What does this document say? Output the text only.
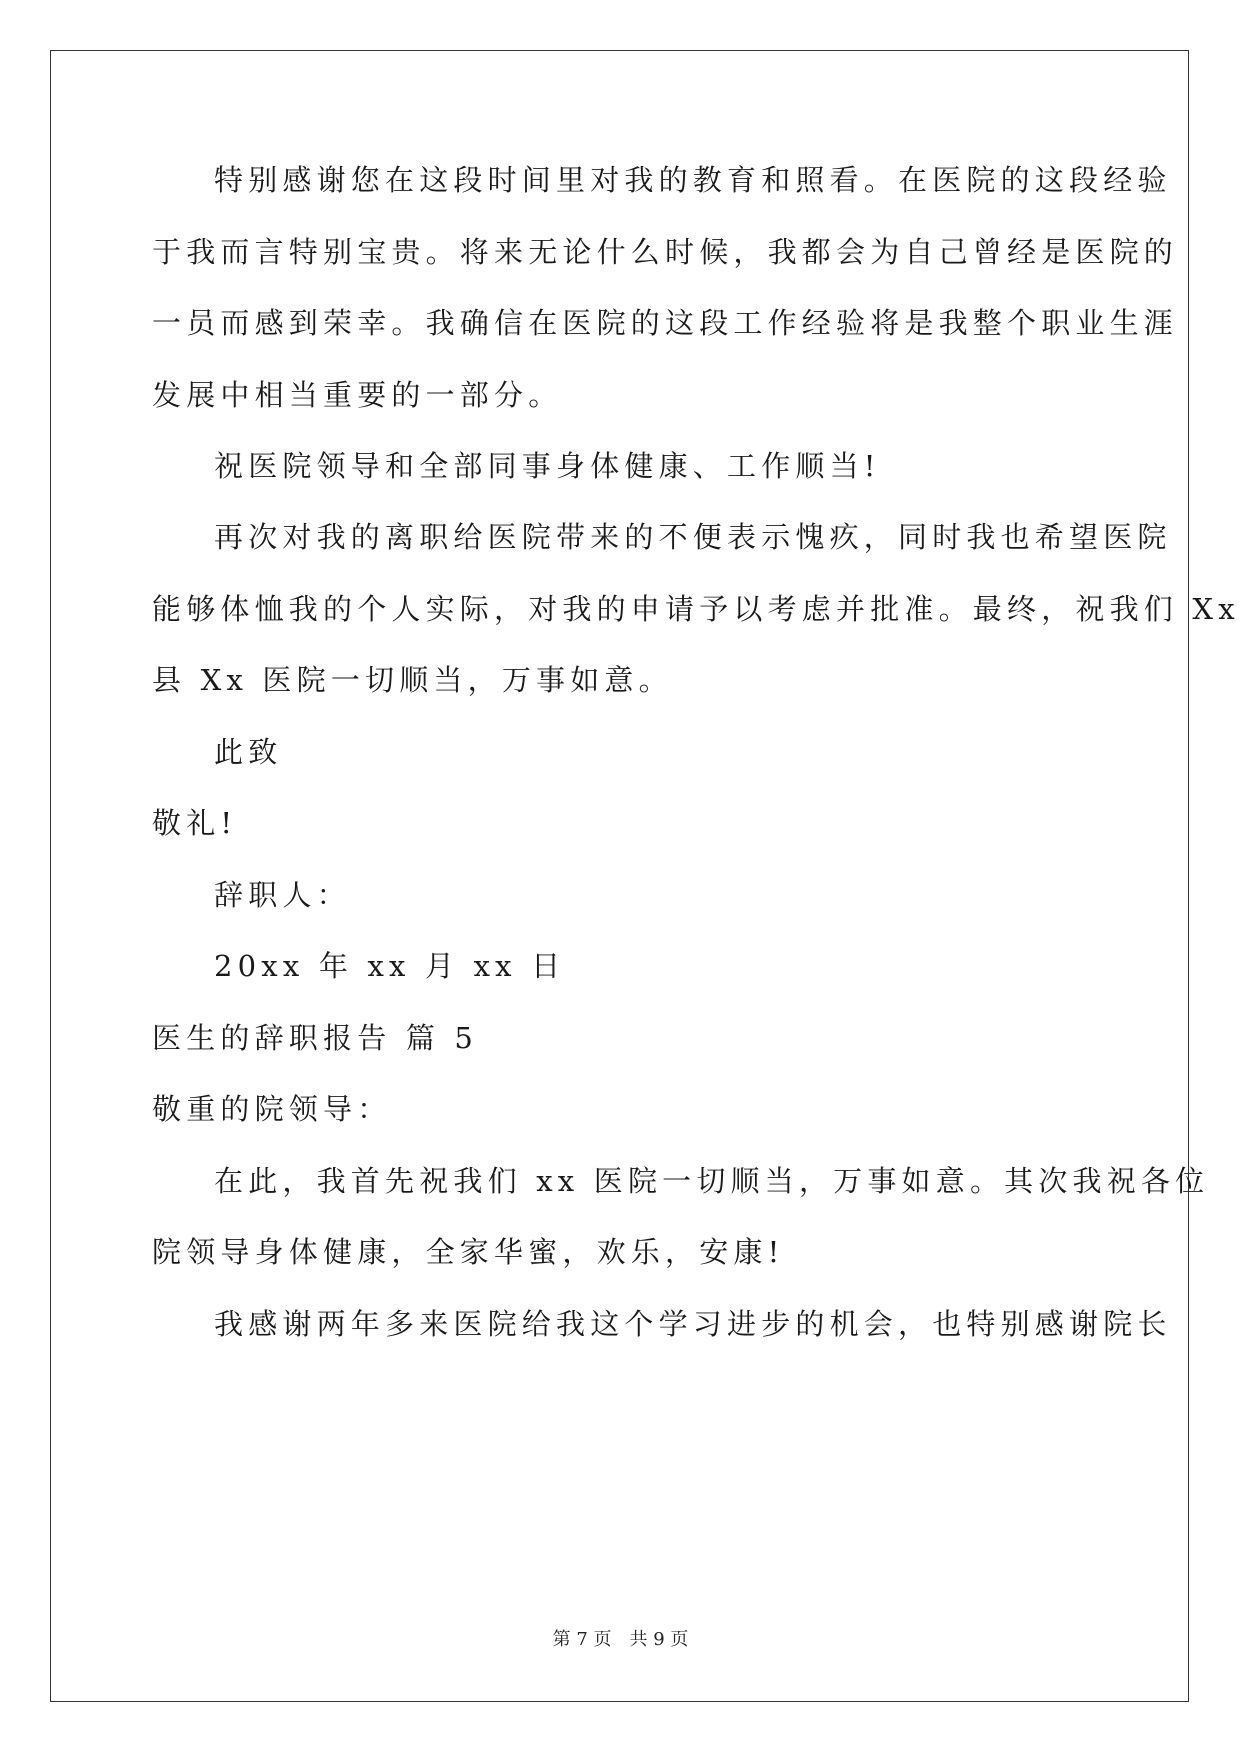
特别感谢您在这段时间里对我的教育和照看。在医院的这段经验
于我而言特别宝贵。将来无论什么时候，我都会为自己曾经是医院的
一员而感到荣幸。我确信在医院的这段工作经验将是我整个职业生涯
发展中相当重要的一部分。
祝医院领导和全部同事身体健康、工作顺当!
再次对我的离职给医院带来的不便表示愧疚，同时我也希望医院
能够体恤我的个人实际，对我的申请予以考虑并批准。最终，祝我们 Xx
县 Xx 医院一切顺当，万事如意。
此致
敬礼!
辞职人：
20xx 年 xx 月 xx 日
医生的辞职报告 篇 5
敬重的院领导：
在此，我首先祝我们 xx 医院一切顺当，万事如意。其次我祝各位
院领导身体健康，全家华蜜，欢乐，安康!
我感谢两年多来医院给我这个学习进步的机会，也特别感谢院长
第 7 页 共 9 页
